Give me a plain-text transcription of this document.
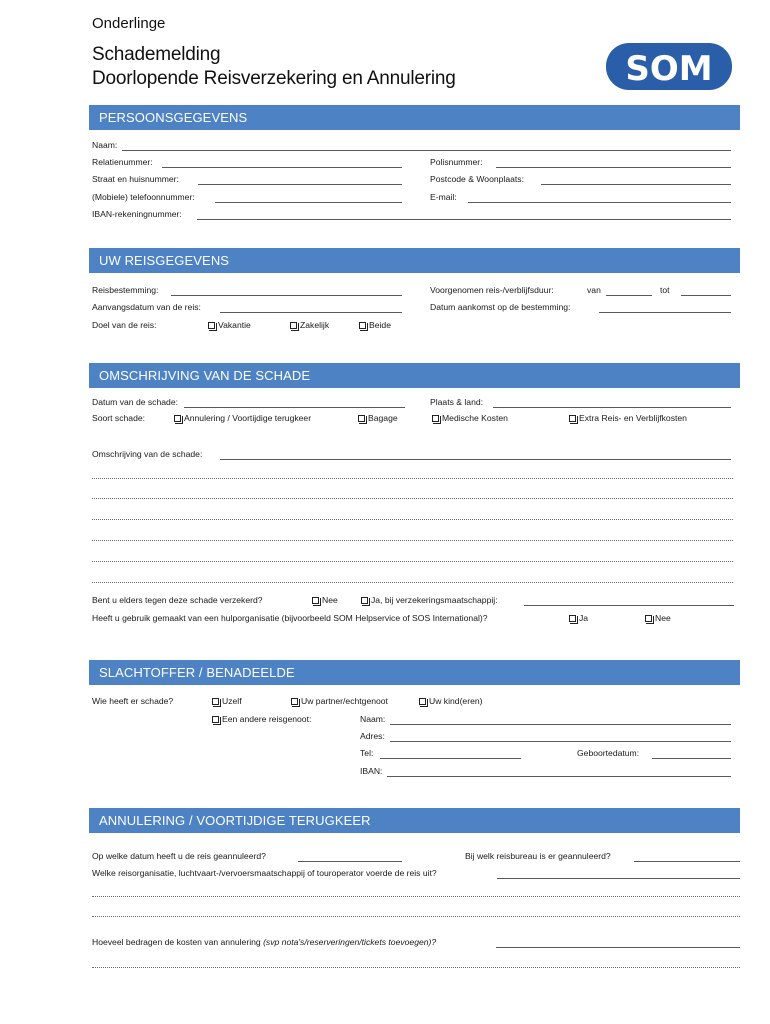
Onderlinge
Schademelding
Doorlopende Reisverzekering en Annulering	SOM
PERSOONSGEGEVENS
Naam:
Relatienummer:	Polisnummer:
Straat en huisnummer:	Postcode & Woonplaats:
(Mobiele) telefoonnummer:	E-mail:
IBAN-rekeningnummer:
UW REISGEGEVENS
Reisbestemming:	Voorgenomen reis-/verblijfsduur:	van	tot
Aanvangsdatum van de reis:	Datum aankomst op de bestemming:
Doel van de reis:	Vakantie	Zakelijk	Beide
OMSCHRIJVING VAN DE SCHADE
Datum van de schade:	Plaats & land:
Soort schade:	Annulering / Voortijdige terugkeer	Bagage	Medische Kosten	Extra Reis- en Verblijfkosten
Omschrijving van de schade:
Bent u elders tegen deze schade verzekerd?	Nee	Ja, bij verzekeringsmaatschappij:
Heeft u gebruik gemaakt van een hulporganisatie (bijvoorbeeld SOM Helpservice of SOS International)?	Ja	Nee
SLACHTOFFER / BENADEELDE
Wie heeft er schade?	Uzelf	Uw partner/echtgenoot	Uw kind(eren)
Een andere reisgenoot:	Naam:
Adres:
Tel:	Geboortedatum:
IBAN:
ANNULERING / VOORTIJDIGE TERUGKEER
Op welke datum heeft u de reis geannuleerd?	Bij welk reisbureau is er geannuleerd?
Welke reisorganisatie, luchtvaart-/vervoersmaatschappij of touroperator voerde de reis uit?
Hoeveel bedragen de kosten van annulering (svp nota's/reserveringen/tickets toevoegen)?
